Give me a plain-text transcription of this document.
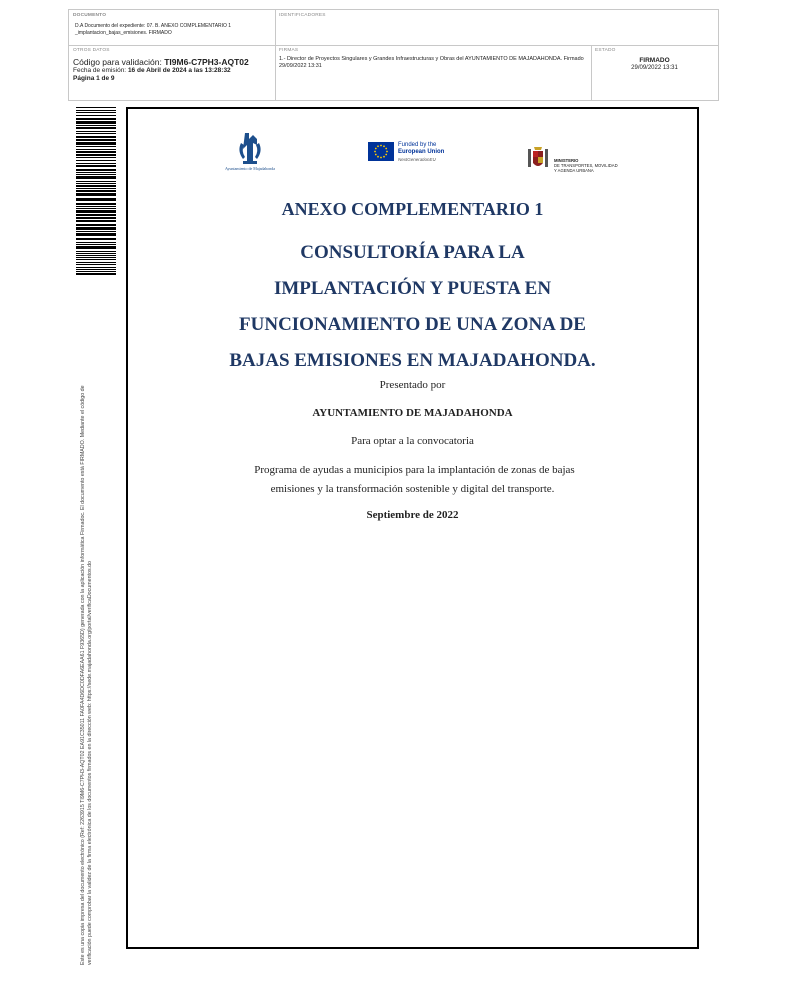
DOCUMENTO
D.A Documento del expediente: 07. B. ANEXO COMPLEMENTARIO 1 _implantacion_bajas_emisiones. FIRMADO
IDENTIFICADORES
OTROS DATOS
Código para validación: TI9M6-C7PH3-AQT02
Fecha de emisión: 16 de Abril de 2024 a las 13:28:32
Página 1 de 9
FIRMAS
1.- Director de Proyectos Singulares y Grandes Infraestructuras y Obras del AYUNTAMIENTO DE MAJADAHONDA. Firmado 29/09/2022 13:31
ESTADO
FIRMADO
29/09/2022 13:31
Este es una copia impresa del documento electrónico (Ref: 2263915 TI9M6-C7PH3-AQT02 EA91C35011 FA0FA4D6DC0DFA6EAA61 F9365D) generada con la aplicación informática Firmadoc. El documento está FIRMADO. Mediante el código de verificación puede comprobar la validez de la firma electrónica de los documentos firmados en la dirección web: https://sede.majadahonda.org/portal/verificaDocumentos.do
Ayuntamiento de Majadahonda
Funded by the
European Union
NextGenerationEU	MINISTERIO
DE TRANSPORTES, MOVILIDAD
Y AGENDA URBANA
ANEXO COMPLEMENTARIO 1
CONSULTORÍA PARA LA
IMPLANTACIÓN Y PUESTA EN
FUNCIONAMIENTO DE UNA ZONA DE
BAJAS EMISIONES EN MAJADAHONDA.
Presentado por
AYUNTAMIENTO DE MAJADAHONDA
Para optar a la convocatoria
Programa de ayudas a municipios para la implantación de zonas de bajas
emisiones y la transformación sostenible y digital del transporte.
Septiembre de 2022
